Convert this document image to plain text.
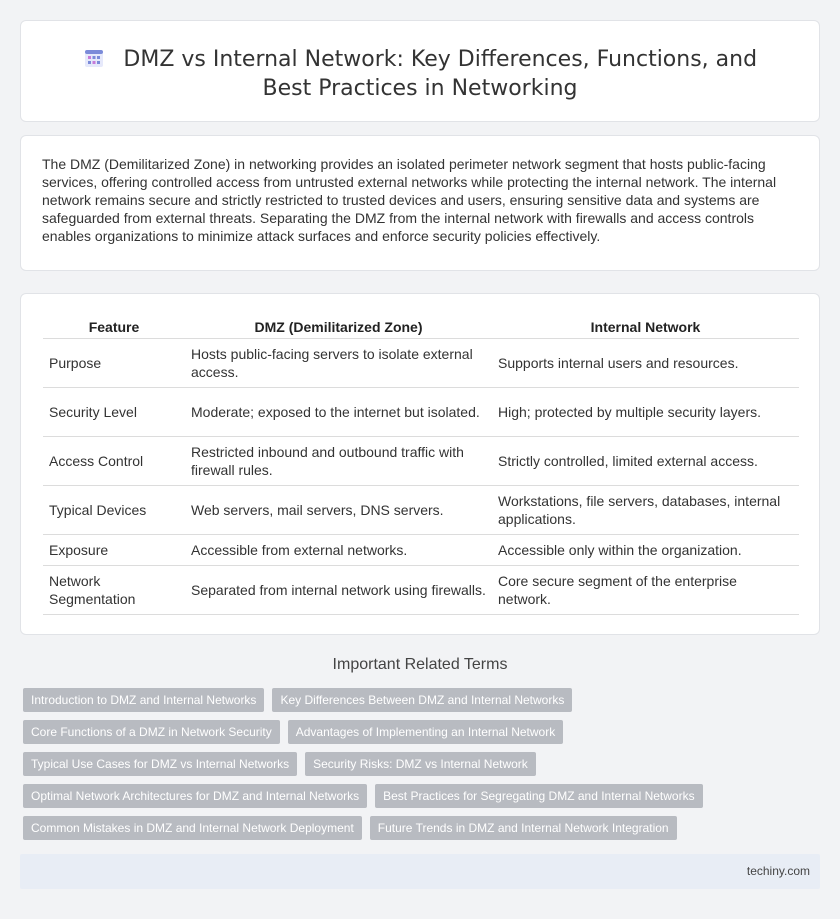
DMZ vs Internal Network: Key Differences, Functions, and Best Practices in Networking

The DMZ (Demilitarized Zone) in networking provides an isolated perimeter network segment that hosts public-facing services, offering controlled access from untrusted external networks while protecting the internal network. The internal network remains secure and strictly restricted to trusted devices and users, ensuring sensitive data and systems are safeguarded from external threats. Separating the DMZ from the internal network with firewalls and access controls enables organizations to minimize attack surfaces and enforce security policies effectively.

Feature	DMZ (Demilitarized Zone)	Internal Network
Purpose	Hosts public-facing servers to isolate external access.	Supports internal users and resources.
Security Level	Moderate; exposed to the internet but isolated.	High; protected by multiple security layers.
Access Control	Restricted inbound and outbound traffic with firewall rules.	Strictly controlled, limited external access.
Typical Devices	Web servers, mail servers, DNS servers.	Workstations, file servers, databases, internal applications.
Exposure	Accessible from external networks.	Accessible only within the organization.
Network Segmentation	Separated from internal network using firewalls.	Core secure segment of the enterprise network.
Important Related Terms
Introduction to DMZ and Internal Networks	Key Differences Between DMZ and Internal Networks
Core Functions of a DMZ in Network Security	Advantages of Implementing an Internal Network
Typical Use Cases for DMZ vs Internal Networks	Security Risks: DMZ vs Internal Network
Optimal Network Architectures for DMZ and Internal Networks	Best Practices for Segregating DMZ and Internal Networks
Common Mistakes in DMZ and Internal Network Deployment	Future Trends in DMZ and Internal Network Integration
techiny.com
